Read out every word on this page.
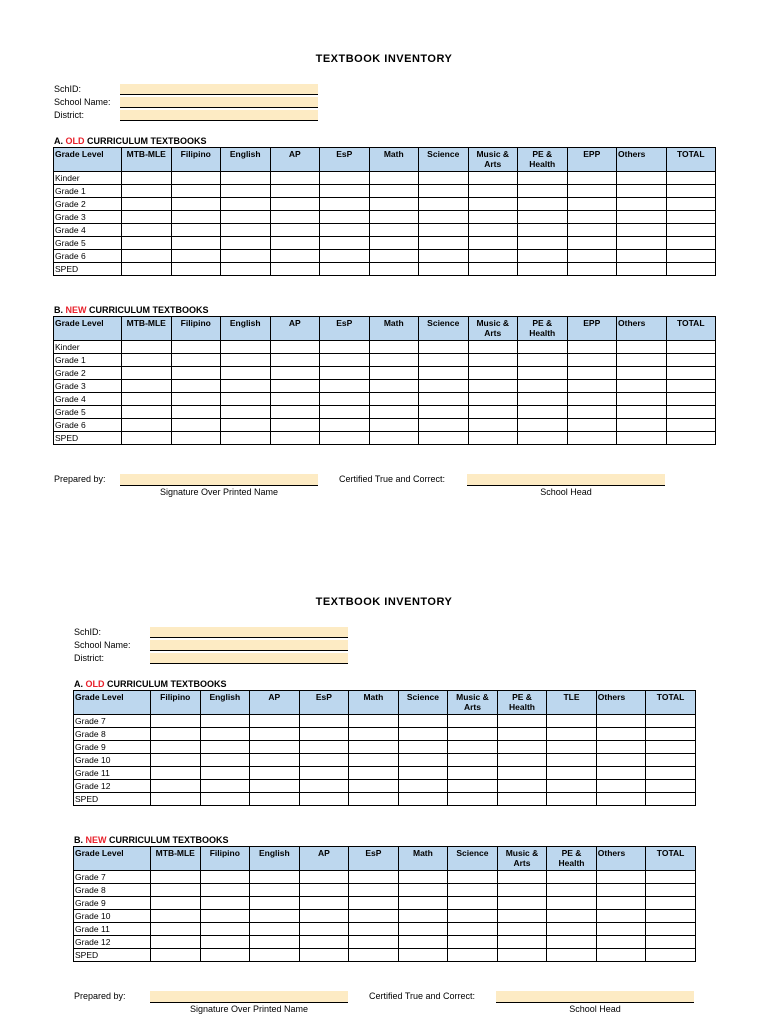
TEXTBOOK INVENTORY
SchID:
School Name:
District:
A. OLD CURRICULUM TEXTBOOKS
Grade Level	MTB-MLE	Filipino	English	AP	EsP	Math	Science	Music & Arts	PE & Health	EPP	Others	TOTAL
Kinder												
Grade 1												
Grade 2												
Grade 3												
Grade 4												
Grade 5												
Grade 6												
SPED												
B. NEW CURRICULUM TEXTBOOKS
Grade Level	MTB-MLE	Filipino	English	AP	EsP	Math	Science	Music & Arts	PE & Health	EPP	Others	TOTAL
Kinder												
Grade 1												
Grade 2												
Grade 3												
Grade 4												
Grade 5												
Grade 6												
SPED												
Prepared by:
Signature Over Printed Name
Certified True and Correct:
School Head
TEXTBOOK INVENTORY
SchID:
School Name:
District:
A. OLD CURRICULUM TEXTBOOKS
Grade Level	Filipino	English	AP	EsP	Math	Science	Music & Arts	PE & Health	TLE	Others	TOTAL
Grade 7											
Grade 8											
Grade 9											
Grade 10											
Grade 11											
Grade 12											
SPED											
B. NEW CURRICULUM TEXTBOOKS
Grade Level	MTB-MLE	Filipino	English	AP	EsP	Math	Science	Music & Arts	PE & Health	Others	TOTAL
Grade 7											
Grade 8											
Grade 9											
Grade 10											
Grade 11											
Grade 12											
SPED											
Prepared by:
Signature Over Printed Name
Certified True and Correct:
School Head
